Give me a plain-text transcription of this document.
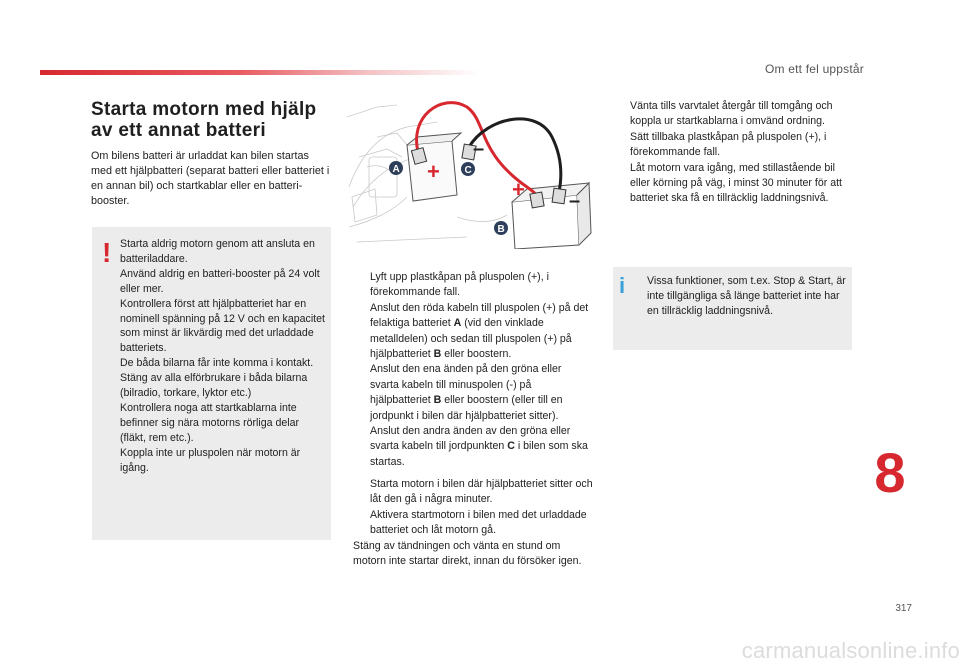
Om ett fel uppstår
Starta motorn med hjälp av ett annat batteri
Om bilens batteri är urladdat kan bilen startas med ett hjälpbatteri (separat batteri eller batteriet i en annan bil) och startkablar eller en batteri-booster.
! Starta aldrig motorn genom att ansluta en batteriladdare.

Använd aldrig en batteri-booster på 24 volt eller mer.

Kontrollera först att hjälpbatteriet har en nominell spänning på 12 V och en kapacitet som minst är likvärdig med det urladdade batteriets.

De båda bilarna får inte komma i kontakt.

Stäng av alla elförbrukare i båda bilarna (bilradio, torkare, lyktor etc.)

Kontrollera noga att startkablarna inte befinner sig nära motorns rörliga delar (fläkt, rem etc.).

Koppla inte ur pluspolen när motorn är igång.

+
+
–
–
A	C
B
Lyft upp plastkåpan på pluspolen (+), i förekommande fall.
Anslut den röda kabeln till pluspolen (+) på det felaktiga batteriet A (vid den vinklade metalldelen) och sedan till pluspolen (+) på hjälpbatteriet B eller boostern.
Anslut den ena änden på den gröna eller svarta kabeln till minuspolen (-) på hjälpbatteriet B eller boostern (eller till en jordpunkt i bilen där hjälpbatteriet sitter).
Anslut den andra änden av den gröna eller svarta kabeln till jordpunkten C i bilen som ska startas.
Starta motorn i bilen där hjälpbatteriet sitter och låt den gå i några minuter.
Aktivera startmotorn i bilen med det urladdade batteriet och låt motorn gå.

Stäng av tändningen och vänta en stund om motorn inte startar direkt, innan du försöker igen.

Vänta tills varvtalet återgår till tomgång och koppla ur startkablarna i omvänd ordning.
Sätt tillbaka plastkåpan på pluspolen (+), i förekommande fall.
Låt motorn vara igång, med stillastående bil eller körning på väg, i minst 30 minuter för att batteriet ska få en tillräcklig laddningsnivå.
i	Vissa funktioner, som t.ex. Stop & Start, är inte tillgängliga så länge batteriet inte har en tillräcklig laddningsnivå.
8
317
carmanualsonline.info
